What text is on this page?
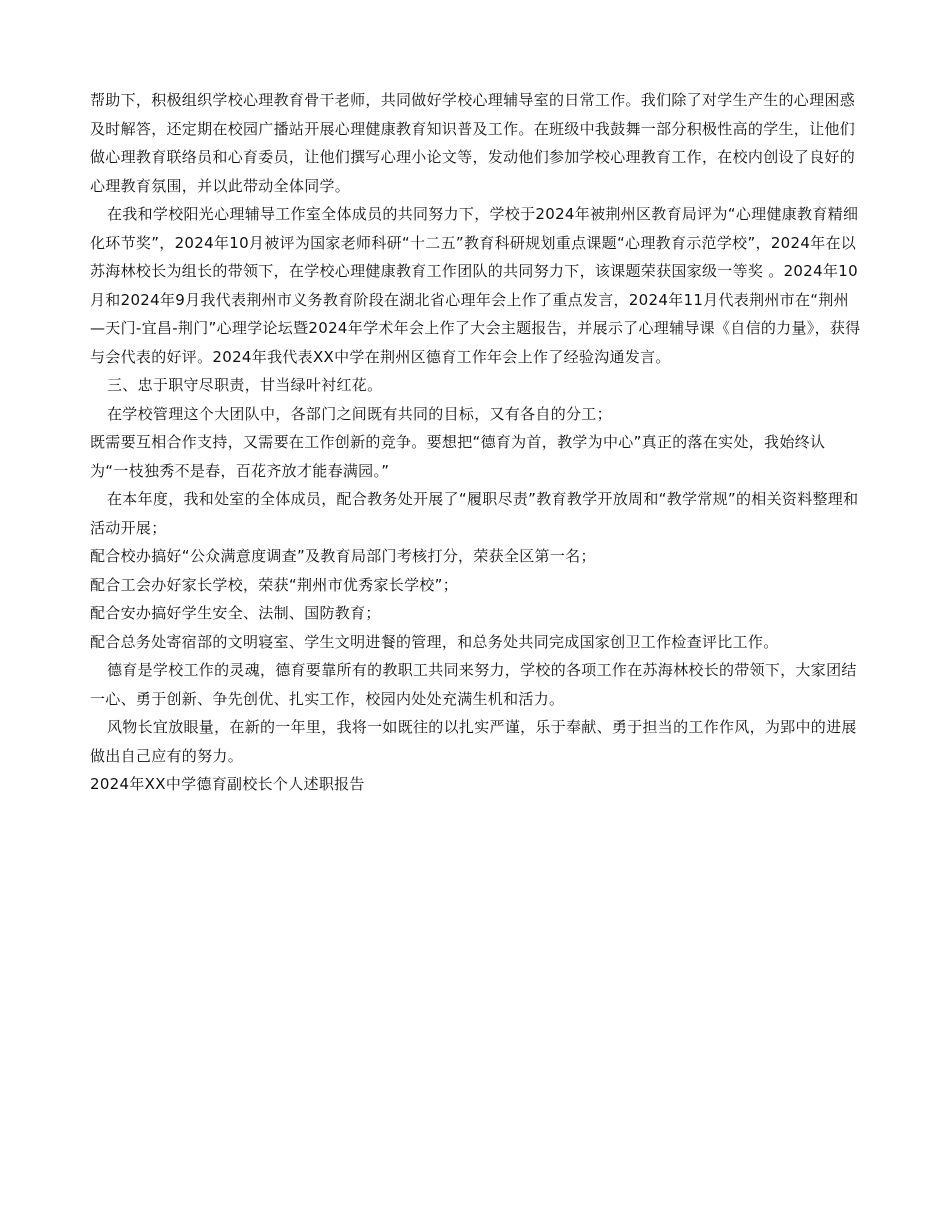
帮助下，积极组织学校心理教育骨干老师，共同做好学校心理辅导室的日常工作。我们除了对学生产生的心理困惑及时解答，还定期在校园广播站开展心理健康教育知识普及工作。在班级中我鼓舞一部分积极性高的学生，让他们做心理教育联络员和心育委员，让他们撰写心理小论文等，发动他们参加学校心理教育工作，在校内创设了良好的心理教育氛围，并以此带动全体同学。

在我和学校阳光心理辅导工作室全体成员的共同努力下，学校于2024年被荆州区教育局评为“心理健康教育精细化环节奖”，2024年10月被评为国家老师科研“十二五”教育科研规划重点课题“心理教育示范学校”，2024年在以苏海林校长为组长的带领下，在学校心理健康教育工作团队的共同努力下，该课题荣获国家级一等奖 。2024年10月和2024年9月我代表荆州市义务教育阶段在湖北省心理年会上作了重点发言，2024年11月代表荆州市在“荆州—天门-宜昌-荆门”心理学论坛暨2024年学术年会上作了大会主题报告，并展示了心理辅导课《自信的力量》，获得与会代表的好评。2024年我代表XX中学在荆州区德育工作年会上作了经验沟通发言。

三、忠于职守尽职责，甘当绿叶衬红花。

在学校管理这个大团队中，各部门之间既有共同的目标，又有各自的分工；

既需要互相合作支持，又需要在工作创新的竞争。要想把“德育为首，教学为中心”真正的落在实处，我始终认为“一枝独秀不是春，百花齐放才能春满园。”

在本年度，我和处室的全体成员，配合教务处开展了“履职尽责”教育教学开放周和“教学常规”的相关资料整理和活动开展；

配合校办搞好“公众满意度调查”及教育局部门考核打分，荣获全区第一名；

配合工会办好家长学校，荣获“荆州市优秀家长学校”；

配合安办搞好学生安全、法制、国防教育；

配合总务处寄宿部的文明寝室、学生文明进餐的管理，和总务处共同完成国家创卫工作检查评比工作。

德育是学校工作的灵魂，德育要靠所有的教职工共同来努力，学校的各项工作在苏海林校长的带领下，大家团结一心、勇于创新、争先创优、扎实工作，校园内处处充满生机和活力。

风物长宜放眼量，在新的一年里，我将一如既往的以扎实严谨，乐于奉献、勇于担当的工作作风，为郢中的进展做出自己应有的努力。

2024年XX中学德育副校长个人述职报告
